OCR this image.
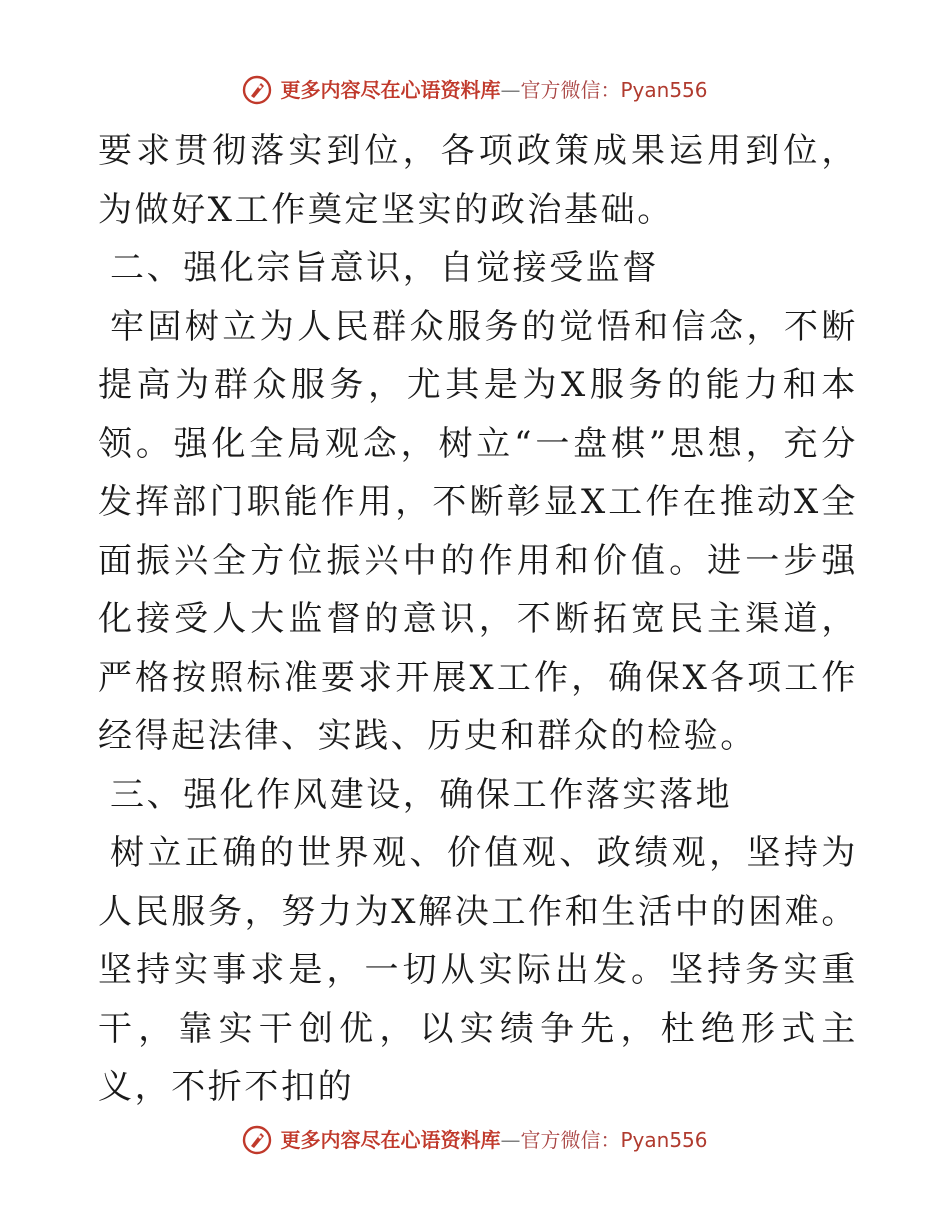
更多内容尽在心语资料库—官方微信：Pyan556

要求贯彻落实到位，各项政策成果运用到位，为做好X工作奠定坚实的政治基础。

二、强化宗旨意识，自觉接受监督

牢固树立为人民群众服务的觉悟和信念，不断提高为群众服务，尤其是为X服务的能力和本领。强化全局观念，树立“一盘棋”思想，充分发挥部门职能作用，不断彰显X工作在推动X全面振兴全方位振兴中的作用和价值。进一步强化接受人大监督的意识，不断拓宽民主渠道，严格按照标准要求开展X工作，确保X各项工作经得起法律、实践、历史和群众的检验。

三、强化作风建设，确保工作落实落地

树立正确的世界观、价值观、政绩观，坚持为人民服务，努力为X解决工作和生活中的困难。坚持实事求是，一切从实际出发。坚持务实重干，靠实干创优，以实绩争先，杜绝形式主义，不折不扣的

更多内容尽在心语资料库—官方微信：Pyan556
